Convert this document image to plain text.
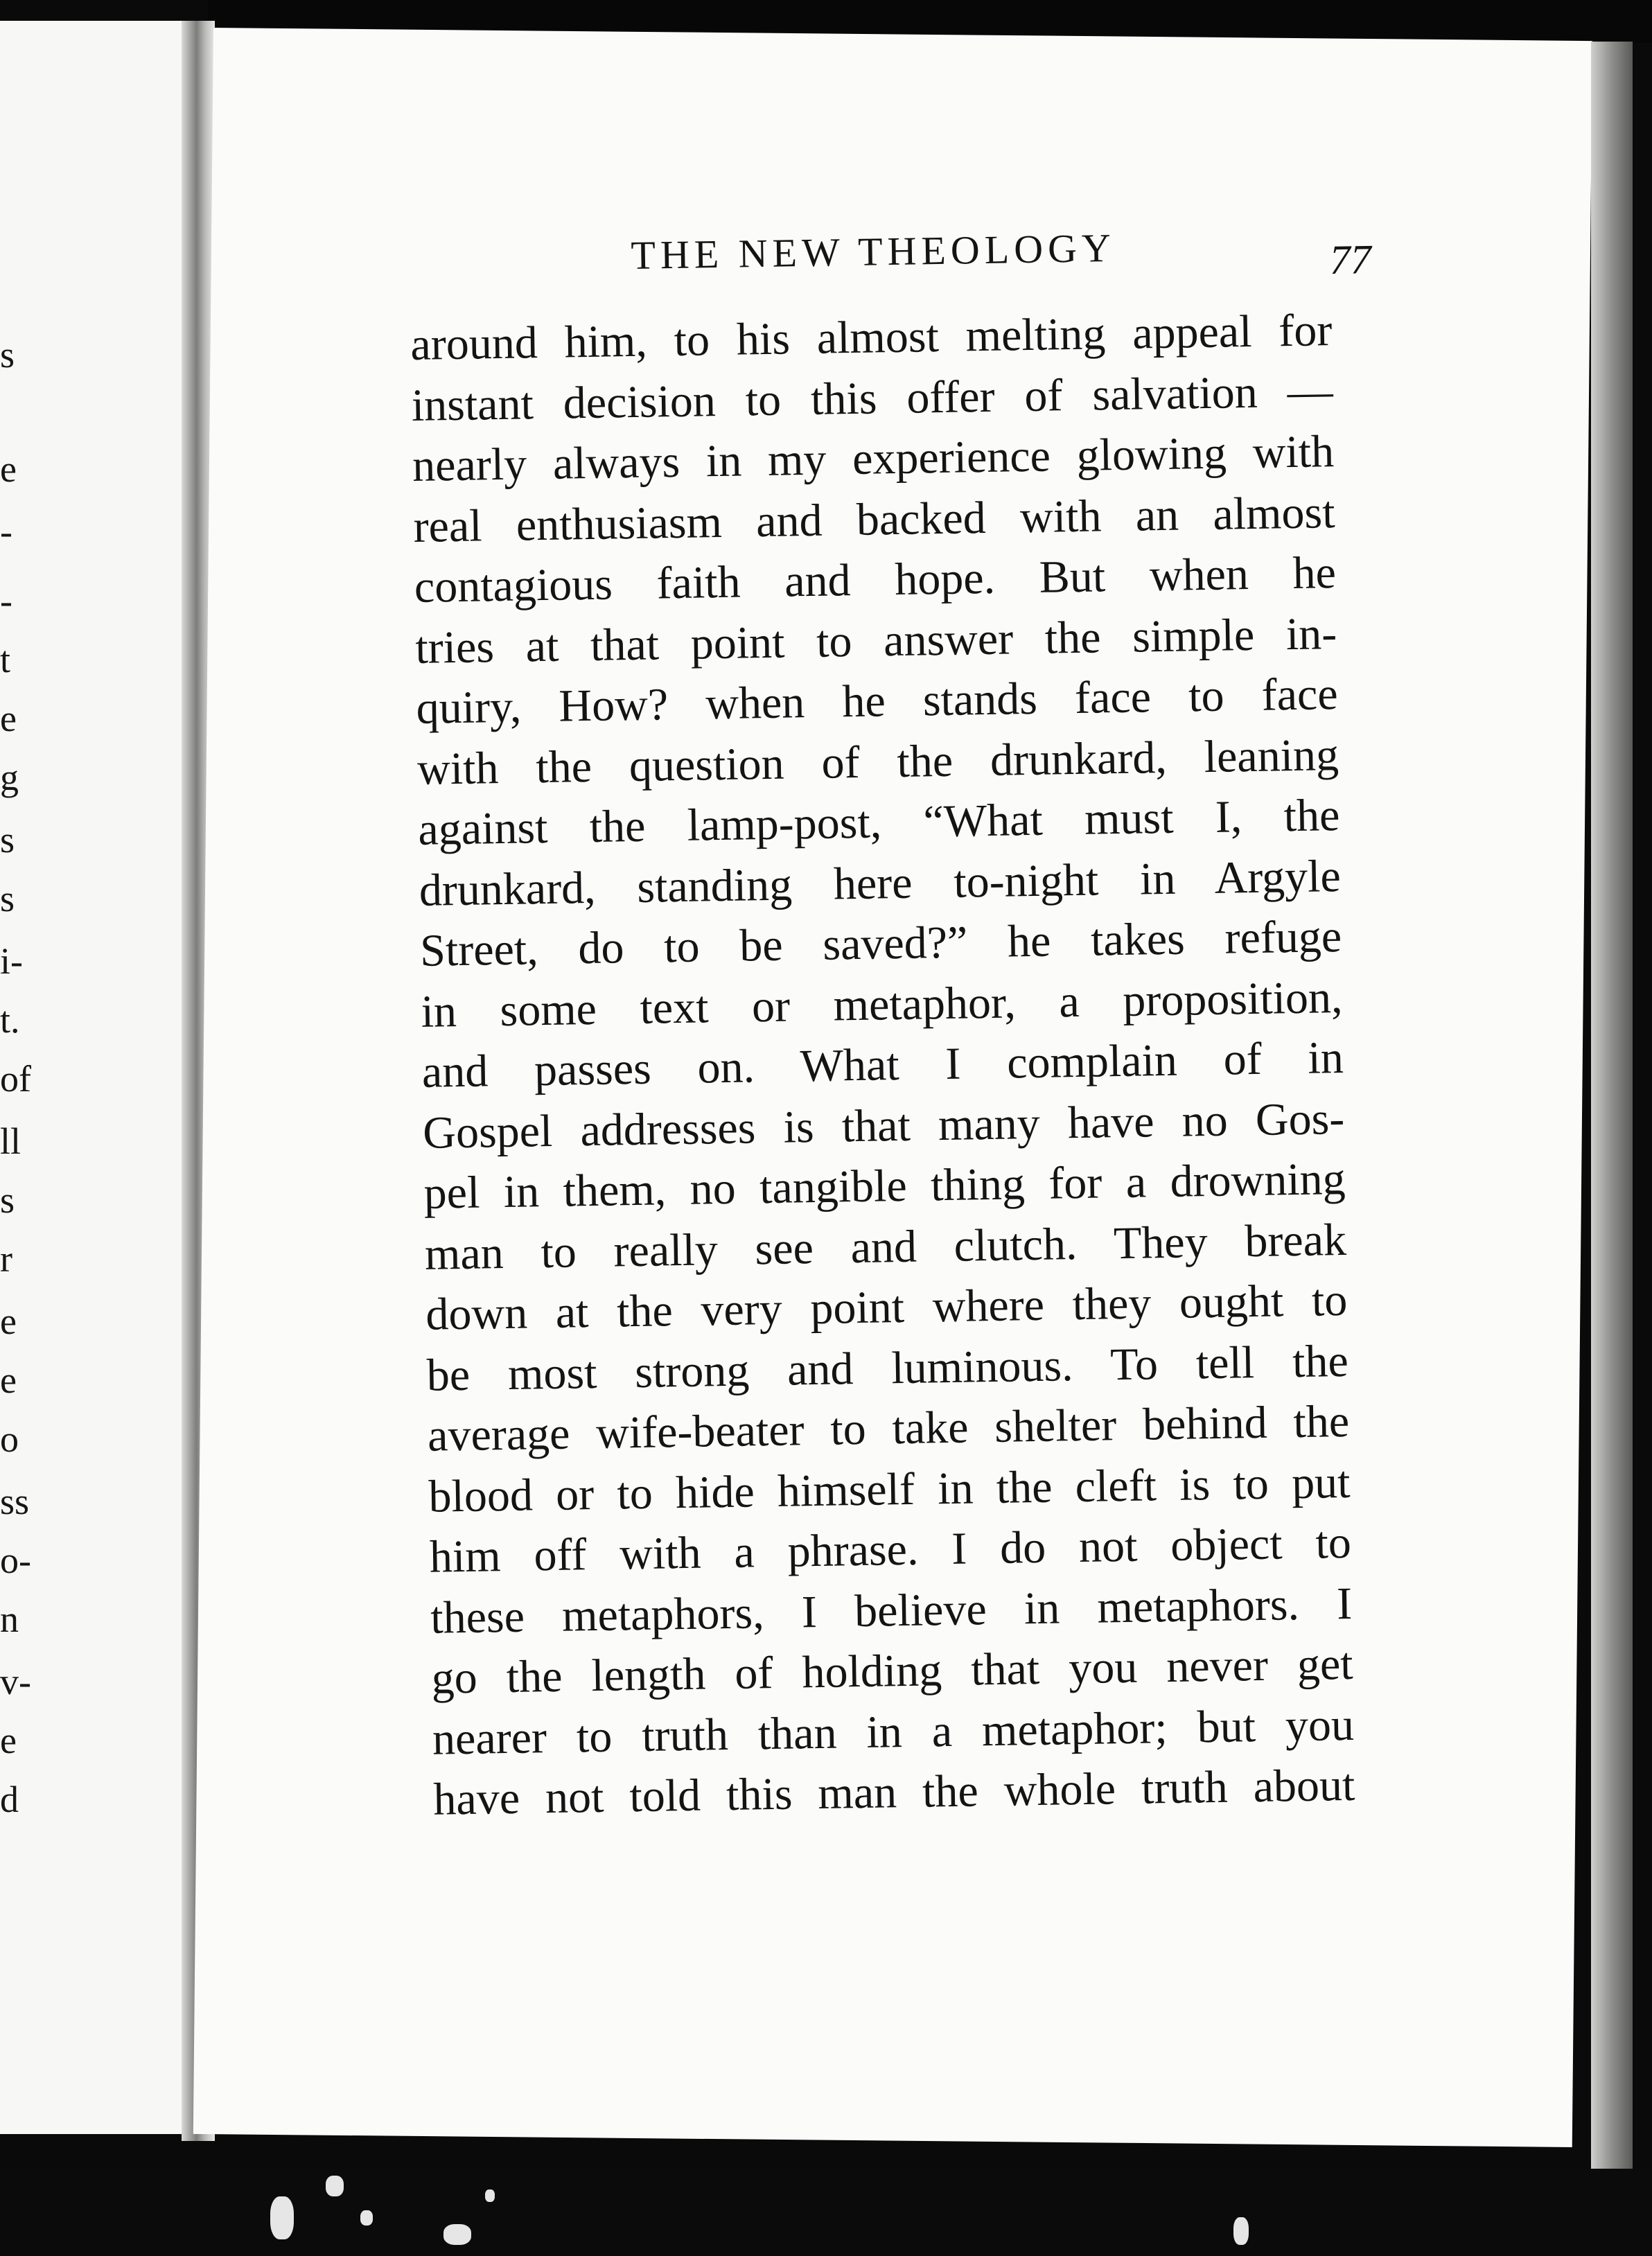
s
e
-
-
t
e
g
s
s
i-
t.
of
ll
s
r
e
e
o
ss
o-
n
v-
e
d
THE NEW THEOLOGY	77
around him, to his almost melting appeal for
instant decision to this offer of salvation —
nearly always in my experience glowing with
real enthusiasm and backed with an almost
contagious faith and hope. But when he
tries at that point to answer the simple in-
quiry, How? when he stands face to face
with the question of the drunkard, leaning
against the lamp-post, “What must I, the
drunkard, standing here to-night in Argyle
Street, do to be saved?” he takes refuge
in some text or metaphor, a proposition,
and passes on. What I complain of in
Gospel addresses is that many have no Gos-
pel in them, no tangible thing for a drowning
man to really see and clutch. They break
down at the very point where they ought to
be most strong and luminous. To tell the
average wife-beater to take shelter behind the
blood or to hide himself in the cleft is to put
him off with a phrase. I do not object to
these metaphors, I believe in metaphors. I
go the length of holding that you never get
nearer to truth than in a metaphor; but you
have not told this man the whole truth about
